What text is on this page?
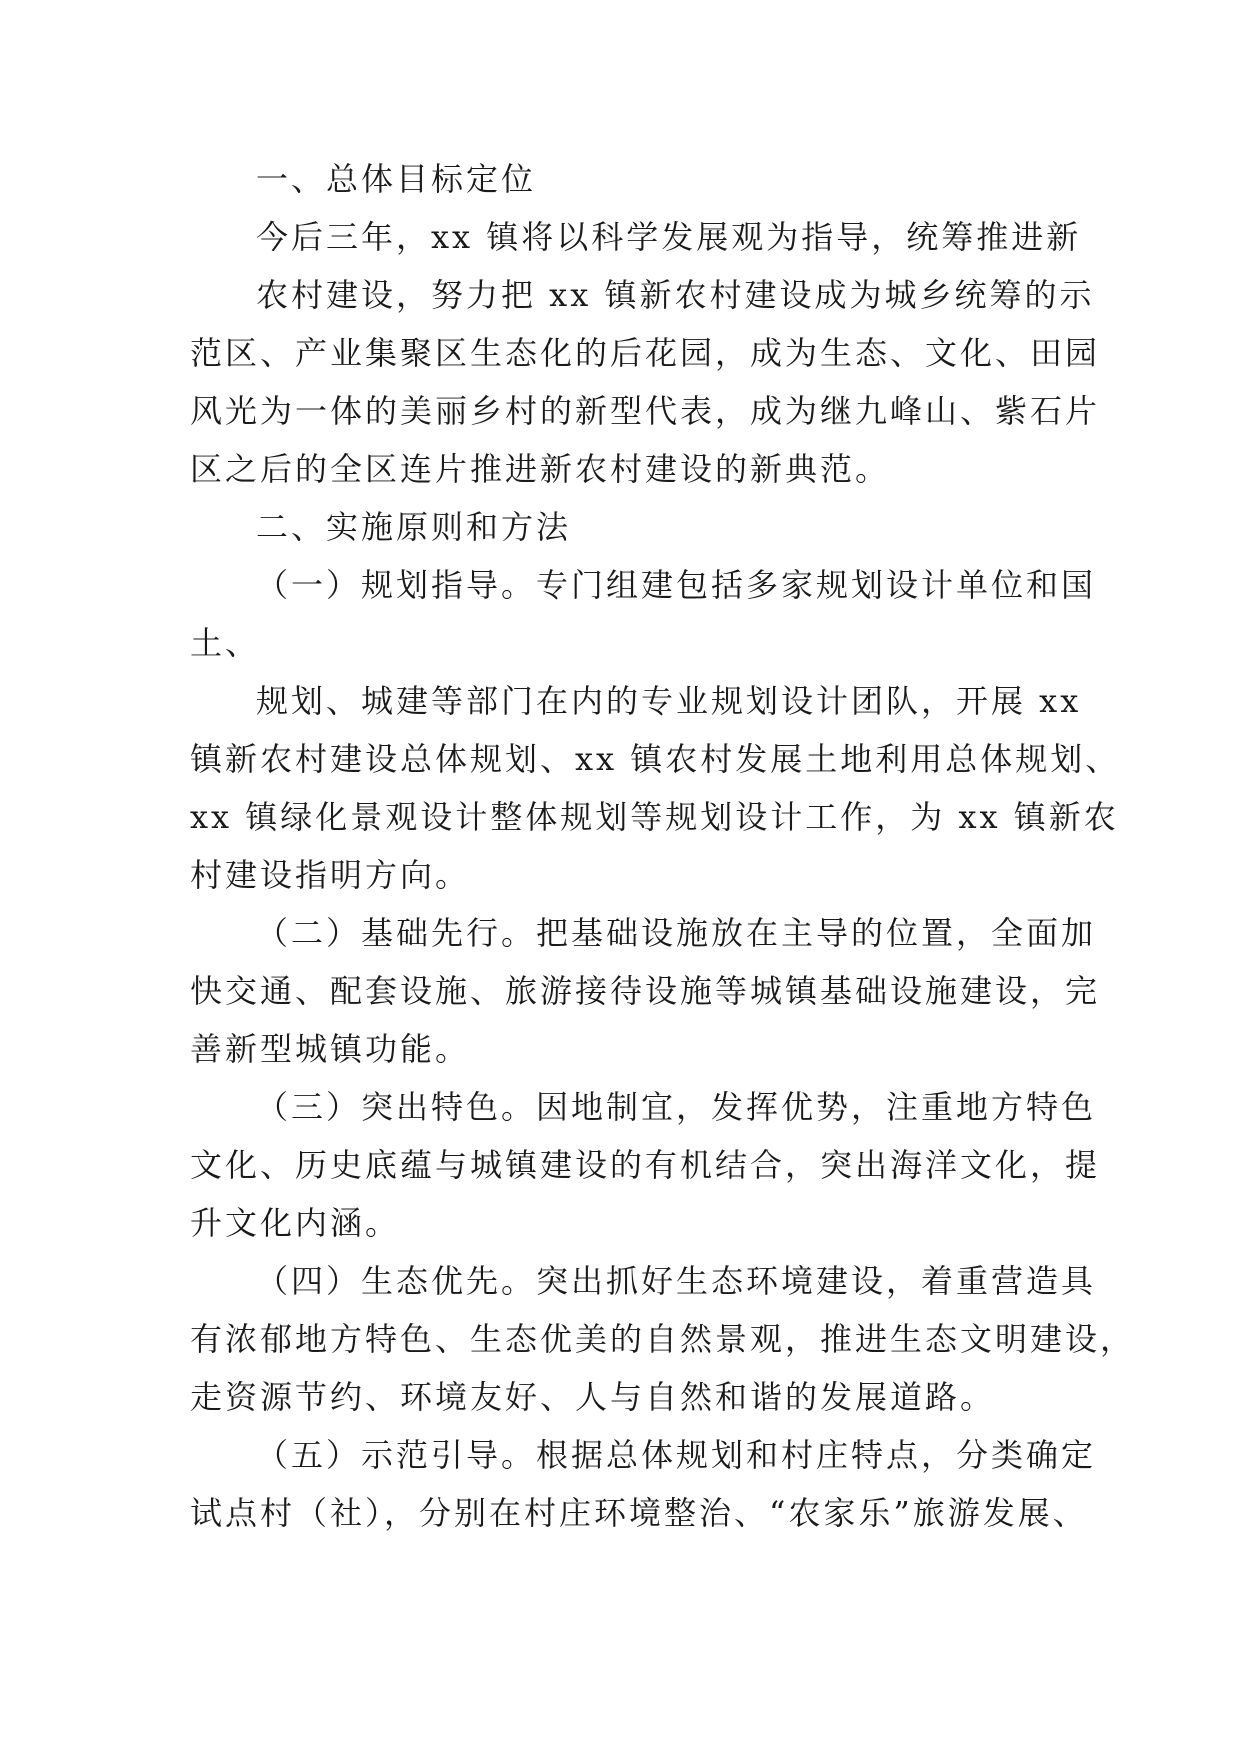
一、总体目标定位
今后三年，xx 镇将以科学发展观为指导，统筹推进新
农村建设，努力把 xx 镇新农村建设成为城乡统筹的示
范区、产业集聚区生态化的后花园，成为生态、文化、田园
风光为一体的美丽乡村的新型代表，成为继九峰山、紫石片
区之后的全区连片推进新农村建设的新典范。
二、实施原则和方法
（一）规划指导。专门组建包括多家规划设计单位和国
土、
规划、城建等部门在内的专业规划设计团队，开展 xx
镇新农村建设总体规划、xx 镇农村发展土地利用总体规划、
xx 镇绿化景观设计整体规划等规划设计工作，为 xx 镇新农
村建设指明方向。
（二）基础先行。把基础设施放在主导的位置，全面加
快交通、配套设施、旅游接待设施等城镇基础设施建设，完
善新型城镇功能。
（三）突出特色。因地制宜，发挥优势，注重地方特色
文化、历史底蕴与城镇建设的有机结合，突出海洋文化，提
升文化内涵。
（四）生态优先。突出抓好生态环境建设，着重营造具
有浓郁地方特色、生态优美的自然景观，推进生态文明建设，
走资源节约、环境友好、人与自然和谐的发展道路。
（五）示范引导。根据总体规划和村庄特点，分类确定
试点村（社），分别在村庄环境整治、“农家乐”旅游发展、
